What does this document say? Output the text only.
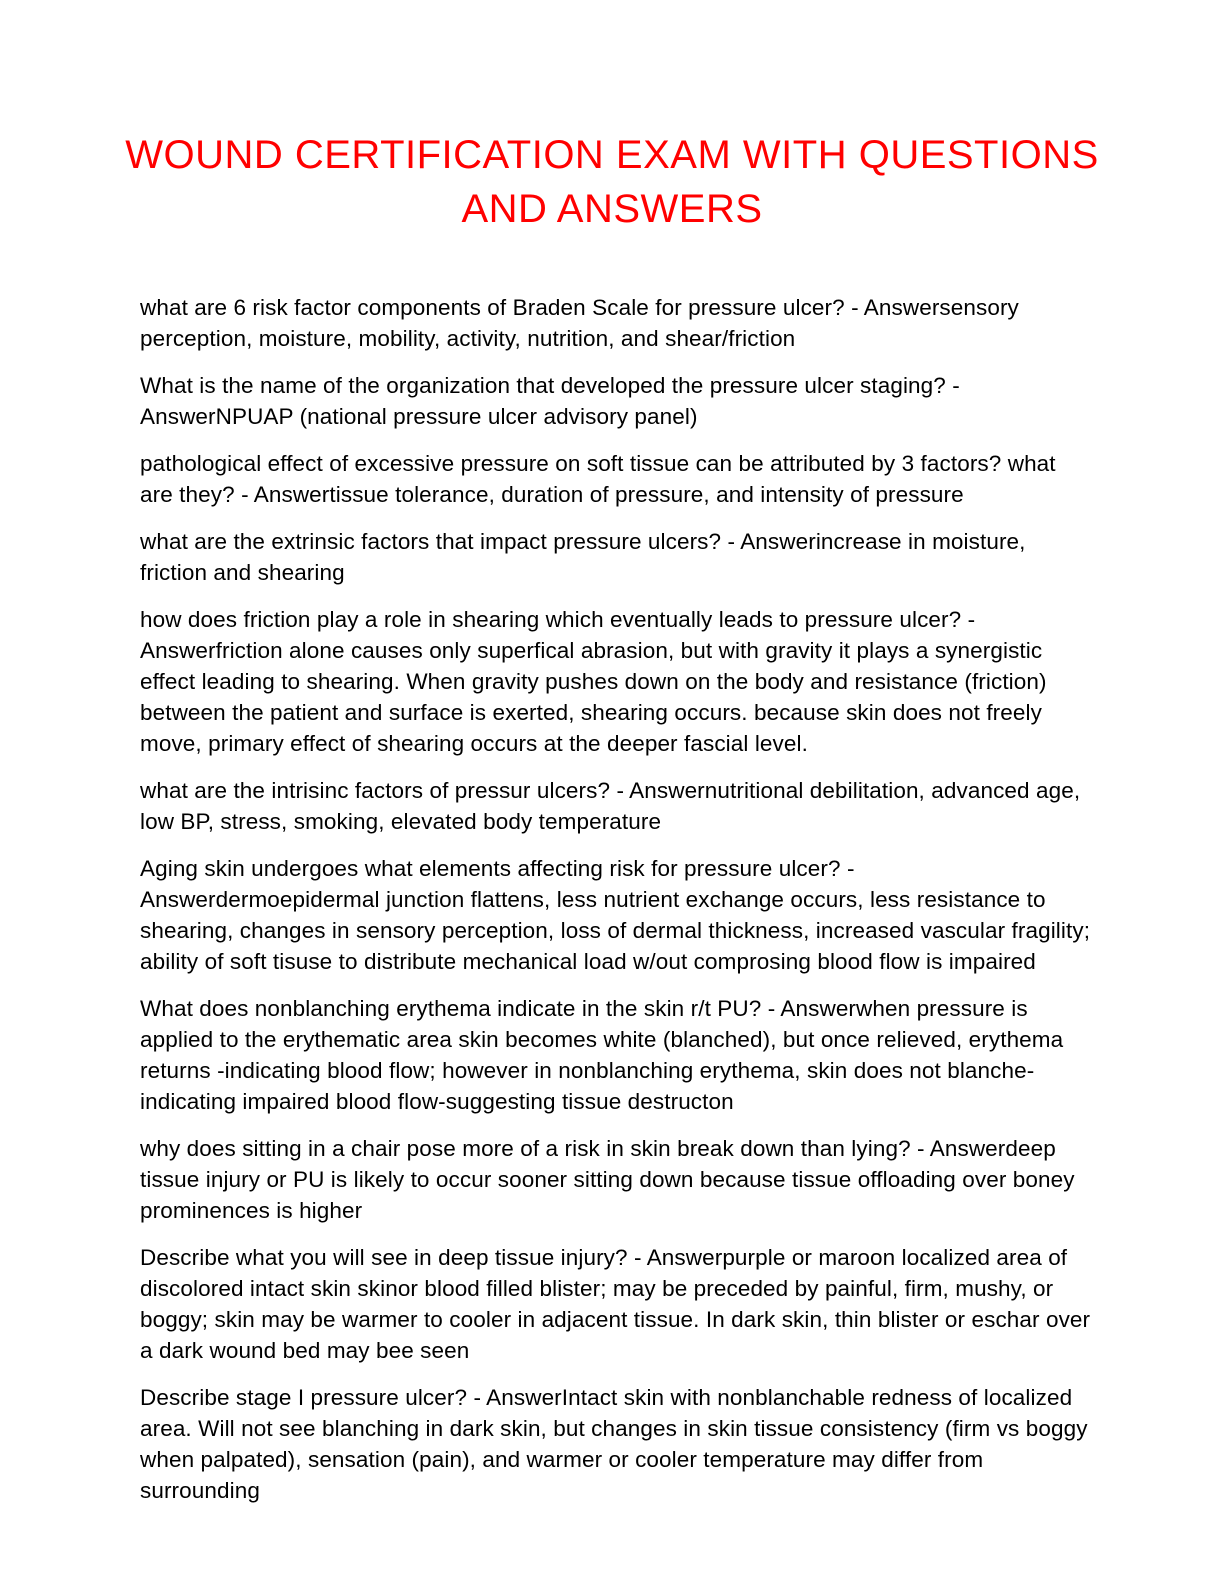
WOUND CERTIFICATION EXAM WITH QUESTIONS
AND ANSWERS

what are 6 risk factor components of Braden Scale for pressure ulcer? - Answersensory perception, moisture, mobility, activity, nutrition, and shear/friction

What is the name of the organization that developed the pressure ulcer staging? - AnswerNPUAP (national pressure ulcer advisory panel)

pathological effect of excessive pressure on soft tissue can be attributed by 3 factors? what are they? - Answertissue tolerance, duration of pressure, and intensity of pressure

what are the extrinsic factors that impact pressure ulcers? - Answerincrease in moisture, friction and shearing

how does friction play a role in shearing which eventually leads to pressure ulcer? - Answerfriction alone causes only superfical abrasion, but with gravity it plays a synergistic effect leading to shearing. When gravity pushes down on the body and resistance (friction) between the patient and surface is exerted, shearing occurs. because skin does not freely move, primary effect of shearing occurs at the deeper fascial level.

what are the intrisinc factors of pressur ulcers? - Answernutritional debilitation, advanced age, low BP, stress, smoking, elevated body temperature

Aging skin undergoes what elements affecting risk for pressure ulcer? - Answerdermoepidermal junction flattens, less nutrient exchange occurs, less resistance to shearing, changes in sensory perception, loss of dermal thickness, increased vascular fragility; ability of soft tisuse to distribute mechanical load w/out comprosing blood flow is impaired

What does nonblanching erythema indicate in the skin r/t PU? - Answerwhen pressure is applied to the erythematic area skin becomes white (blanched), but once relieved, erythema returns -indicating blood flow; however in nonblanching erythema, skin does not blanche-indicating impaired blood flow-suggesting tissue destructon

why does sitting in a chair pose more of a risk in skin break down than lying? - Answerdeep tissue injury or PU is likely to occur sooner sitting down because tissue offloading over boney prominences is higher

Describe what you will see in deep tissue injury? - Answerpurple or maroon localized area of discolored intact skin skinor blood filled blister; may be preceded by painful, firm, mushy, or boggy; skin may be warmer to cooler in adjacent tissue. In dark skin, thin blister or eschar over a dark wound bed may bee seen

Describe stage I pressure ulcer? - AnswerIntact skin with nonblanchable redness of localized area. Will not see blanching in dark skin, but changes in skin tissue consistency (firm vs boggy when palpated), sensation (pain), and warmer or cooler temperature may differ from surrounding
